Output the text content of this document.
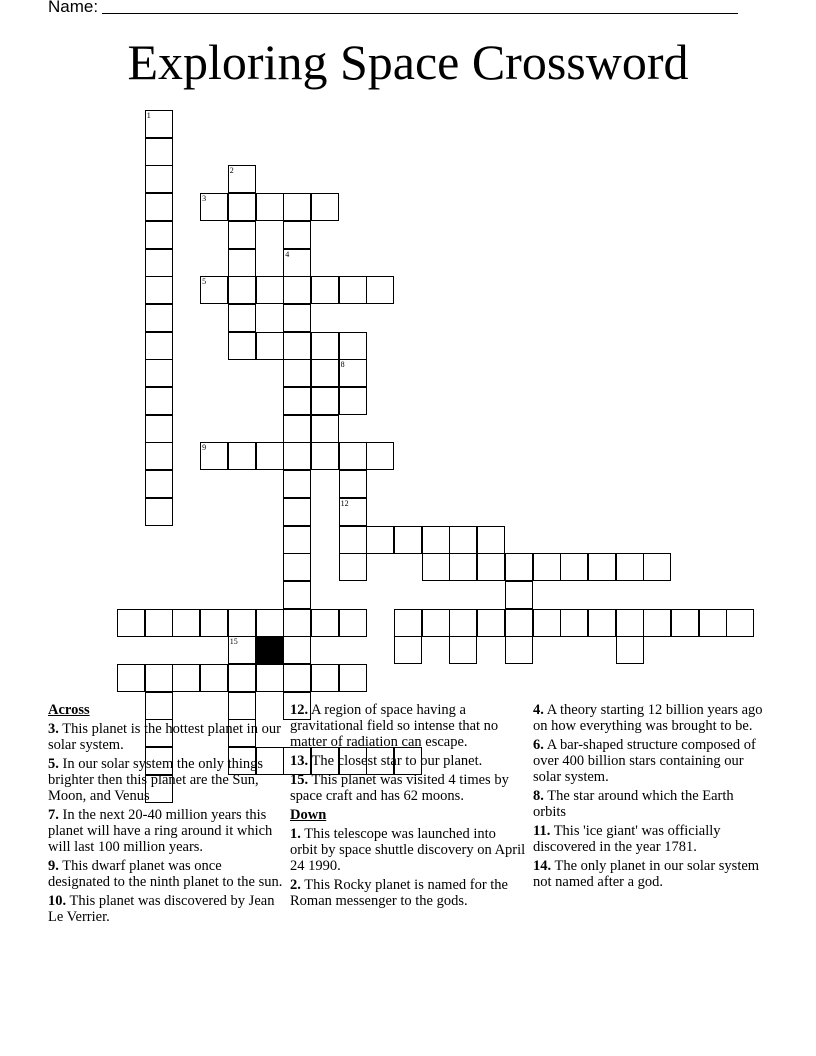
Name:
Exploring Space Crossword
1
2
3
4
5
8
9
12
15
Across
3. This planet is the hottest planet in our solar system.
5. In our solar system the only things brighter then this planet are the Sun, Moon, and Venus
7. In the next 20-40 million years this planet will have a ring around it which will last 100 million years.
9. This dwarf planet was once designated to the ninth planet to the sun.
10. This planet was discovered by Jean Le Verrier.
12. A region of space having a gravitational field so intense that no matter of radiation can escape.
13. The closest star to our planet.
15. This planet was visited 4 times by space craft and has 62 moons.
Down
1. This telescope was launched into orbit by space shuttle discovery on April 24 1990.
2. This Rocky planet is named for the Roman messenger to the gods.
4. A theory starting 12 billion years ago on how everything was brought to be.
6. A bar-shaped structure composed of over 400 billion stars containing our solar system.
8. The star around which the Earth orbits
11. This 'ice giant' was officially discovered in the year 1781.
14. The only planet in our solar system not named after a god.
